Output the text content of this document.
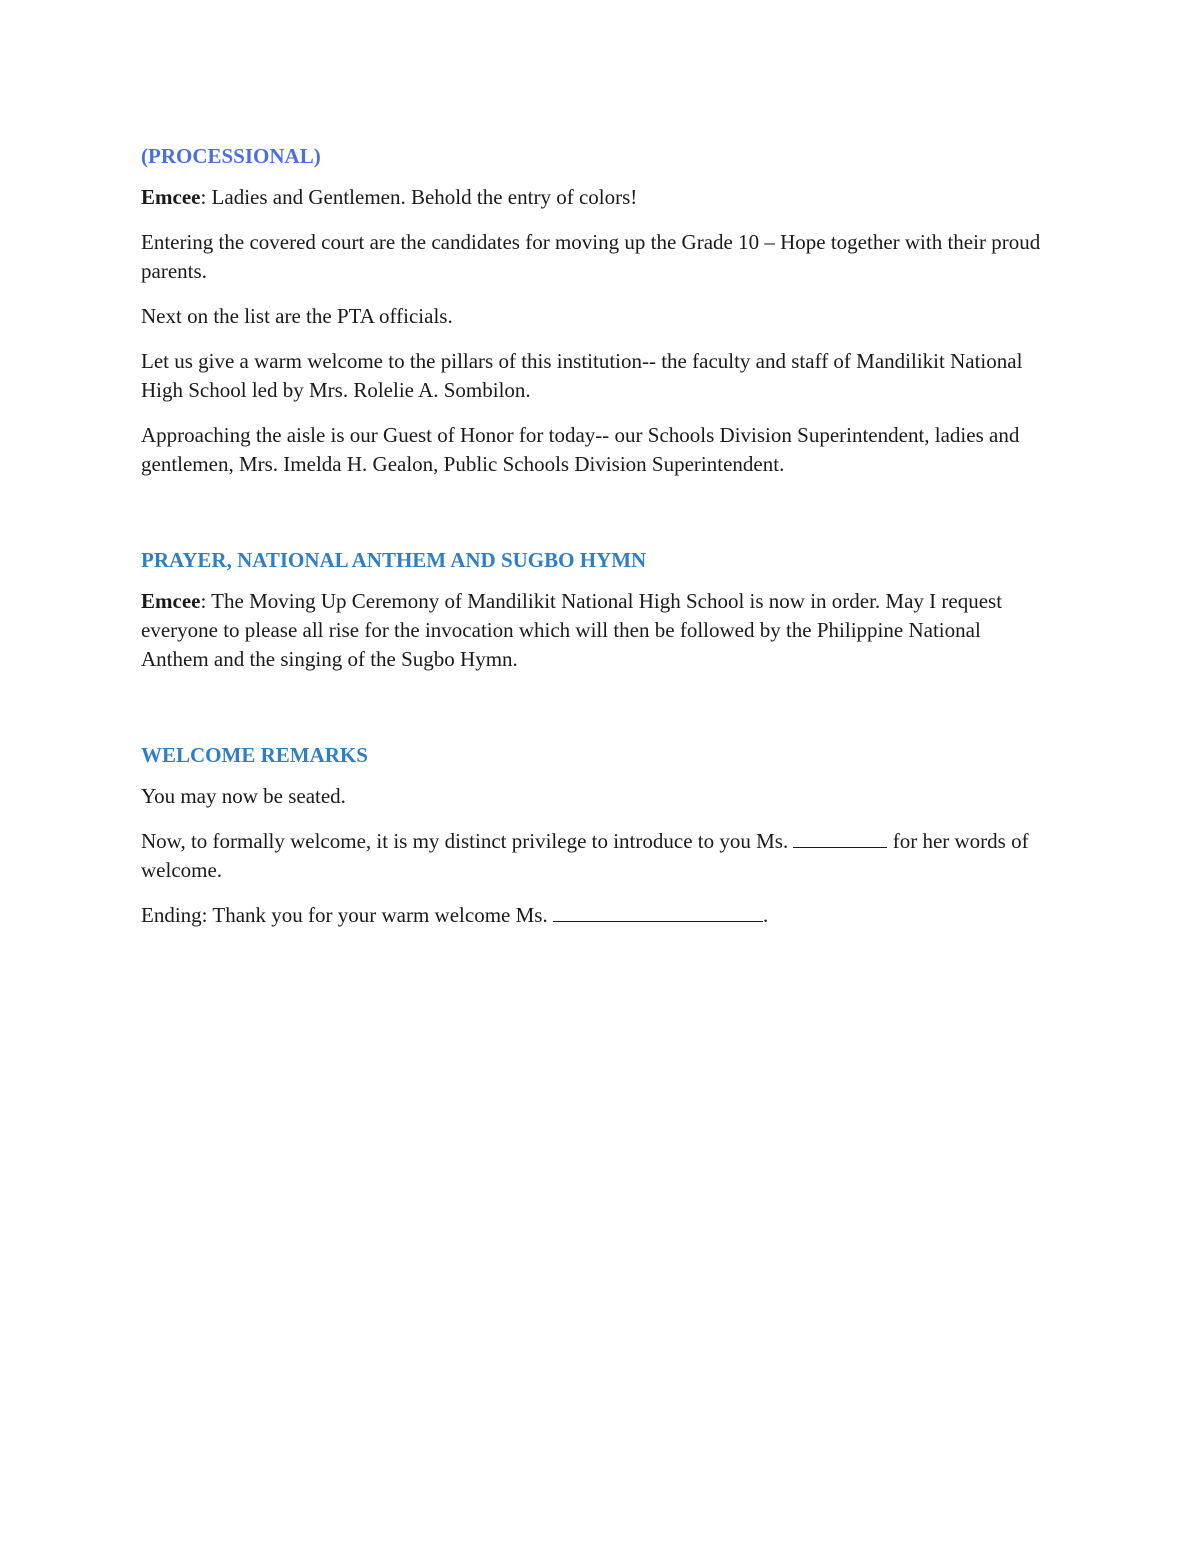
(PROCESSIONAL)

Emcee: Ladies and Gentlemen. Behold the entry of colors!

Entering the covered court are the candidates for moving up the Grade 10 – Hope together with their proud parents.

Next on the list are the PTA officials.

Let us give a warm welcome to the pillars of this institution-- the faculty and staff of Mandilikit National High School led by Mrs. Rolelie A. Sombilon.

Approaching the aisle is our Guest of Honor for today-- our Schools Division Superintendent, ladies and gentlemen, Mrs. Imelda H. Gealon, Public Schools Division Superintendent.

PRAYER, NATIONAL ANTHEM AND SUGBO HYMN

Emcee: The Moving Up Ceremony of Mandilikit National High School is now in order. May I request everyone to please all rise for the invocation which will then be followed by the Philippine National Anthem and the singing of the Sugbo Hymn.

WELCOME REMARKS

You may now be seated.

Now, to formally welcome, it is my distinct privilege to introduce to you Ms.	for her words of welcome.

Ending: Thank you for your warm welcome Ms.	.
